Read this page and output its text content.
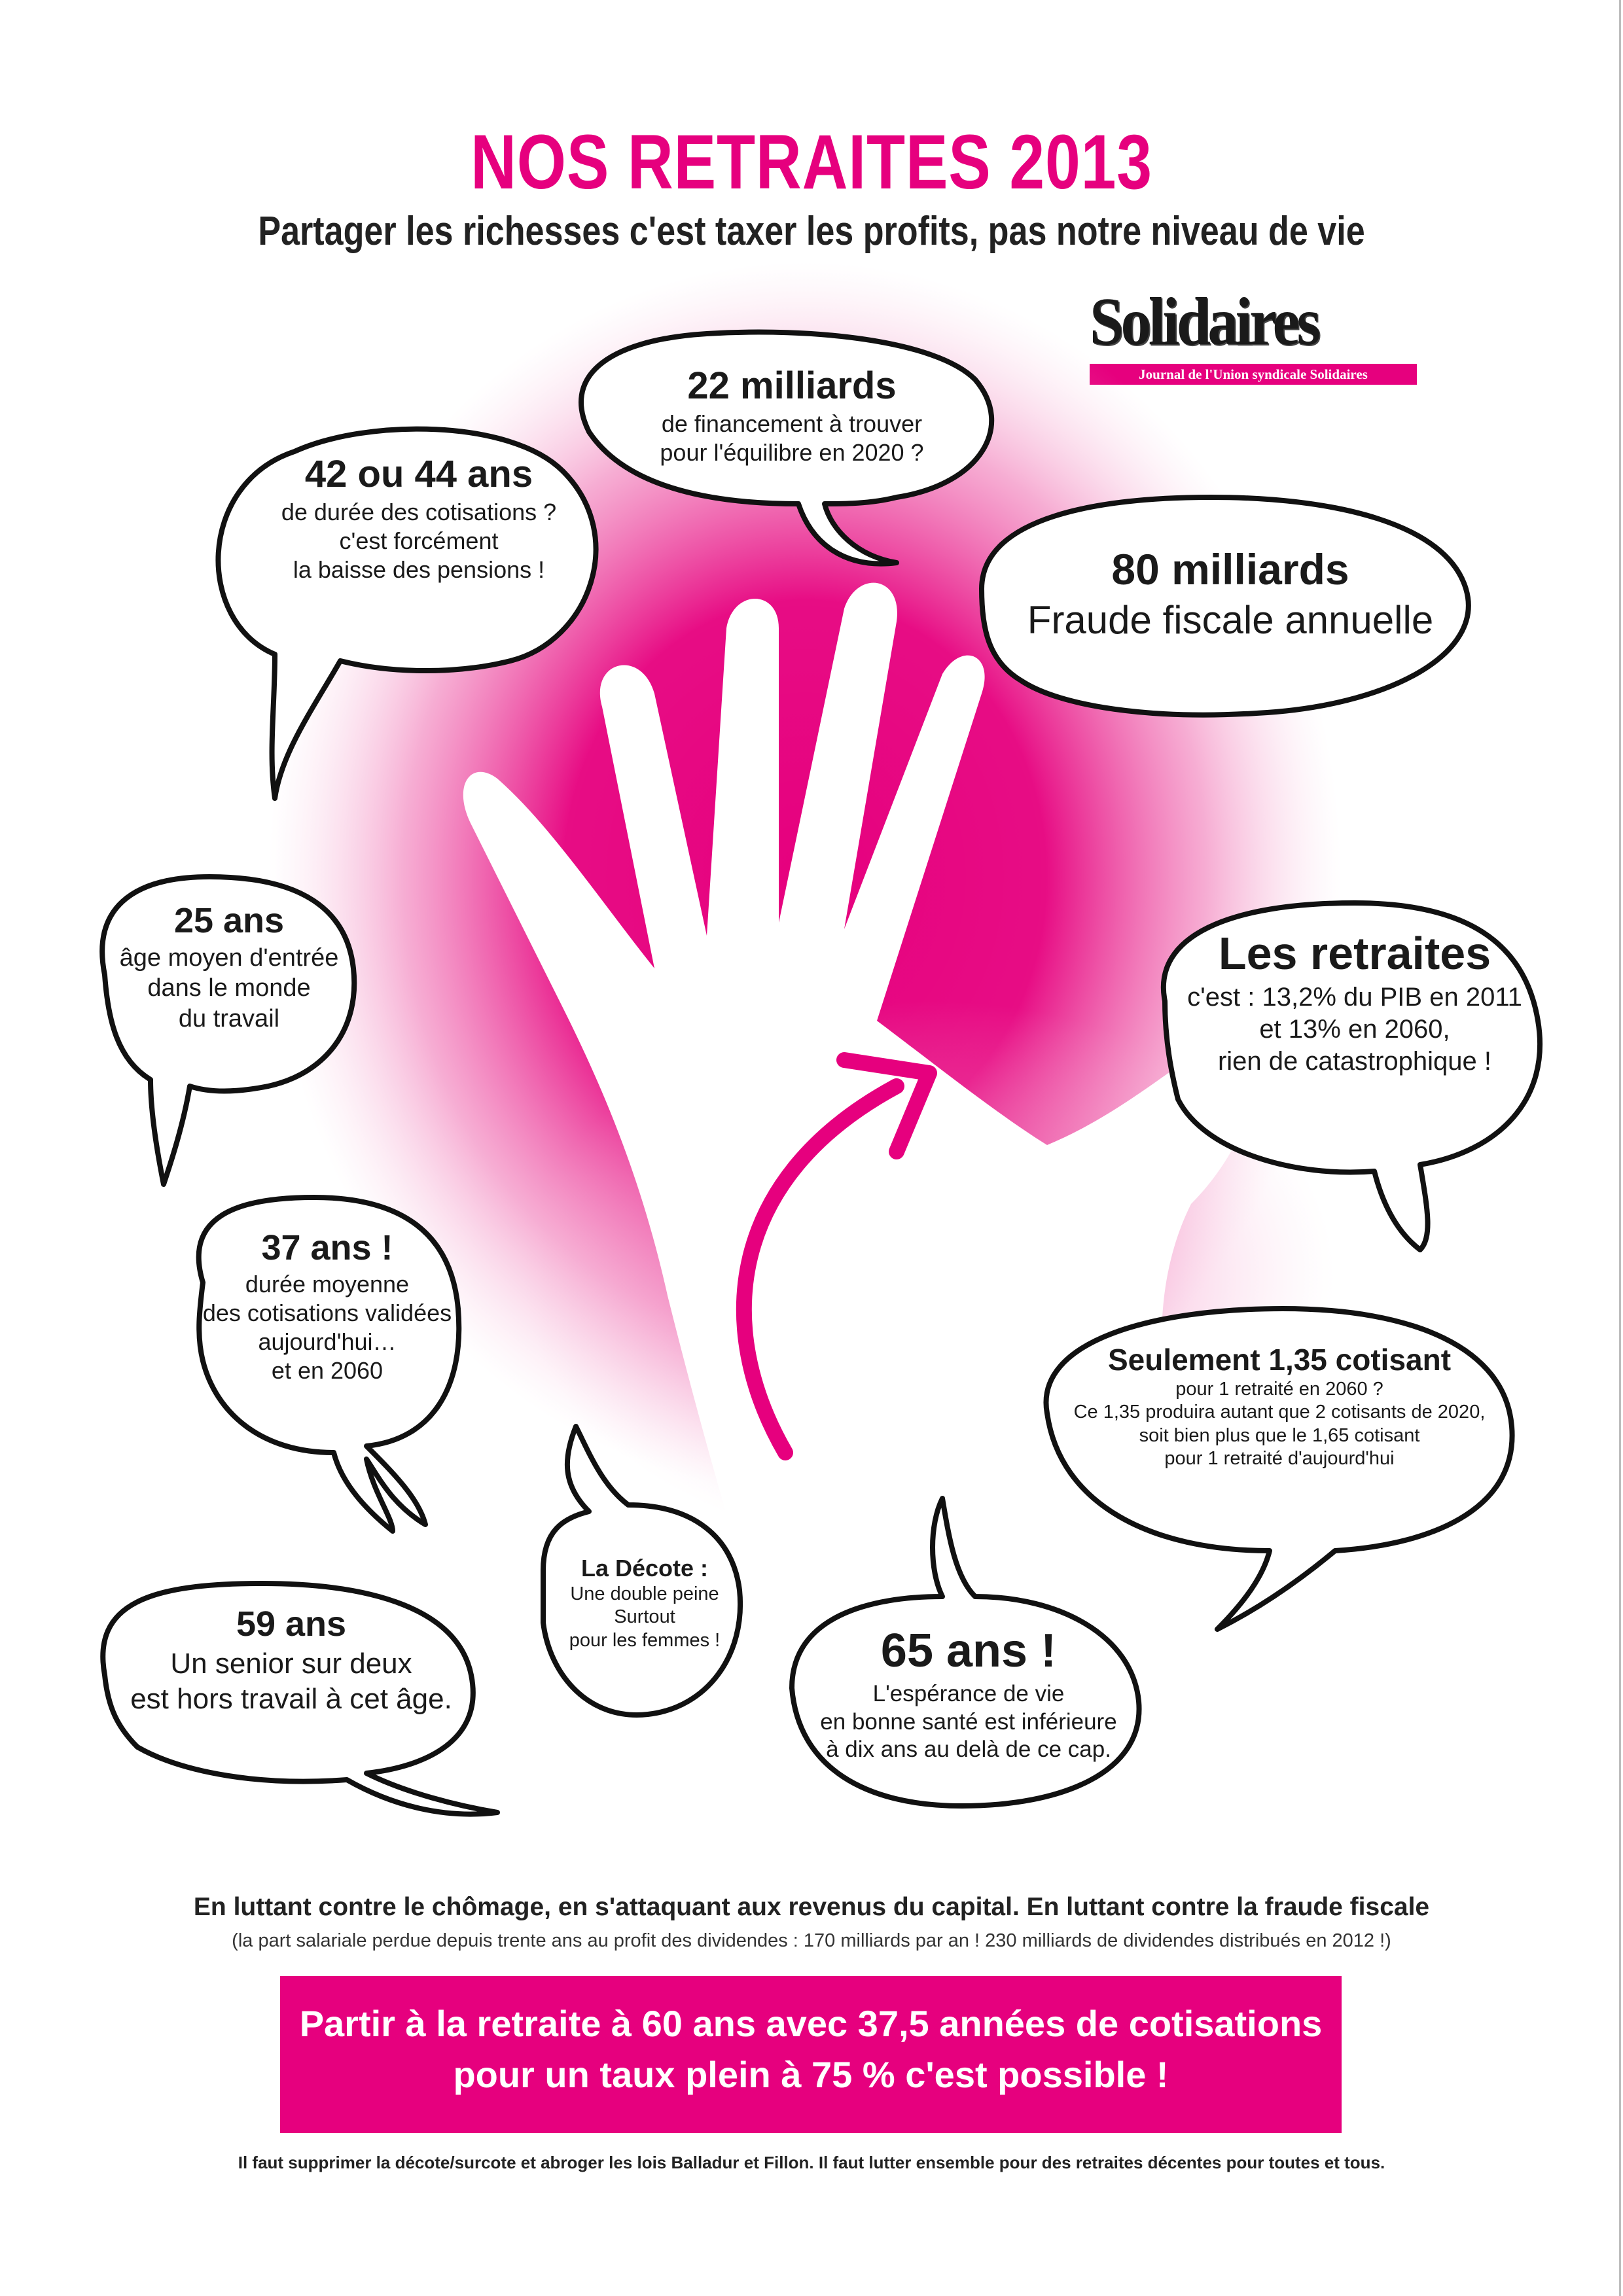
NOS RETRAITES 2013
Partager les richesses c'est taxer les profits, pas notre niveau de vie
Solidaires
Journal de l'Union syndicale Solidaires
42 ou 44 ans
de durée des cotisations ?
c'est forcément
la baisse des pensions !
22 milliards
de financement à trouver
pour l'équilibre en 2020 ?
80 milliards
Fraude fiscale annuelle
25 ans
âge moyen d'entrée
dans le monde
du travail
Les retraites
c'est : 13,2% du PIB en 2011
et 13% en 2060,
rien de catastrophique !
37 ans !
durée moyenne
des cotisations validées
aujourd'hui…
et en 2060	Seulement 1,35 cotisant
pour 1 retraité en 2060 ?
Ce 1,35 produira autant que 2 cotisants de 2020,
soit bien plus que le 1,65 cotisant
pour 1 retraité d'aujourd'hui
La Décote :
Une double peine
Surtout
pour les femmes !
59 ans
Un senior sur deux
est hors travail à cet âge.
65 ans !
L'espérance de vie
en bonne santé est inférieure
à dix ans au delà de ce cap.
En luttant contre le chômage, en s'attaquant aux revenus du capital. En luttant contre la fraude fiscale
(la part salariale perdue depuis trente ans au profit des dividendes : 170 milliards par an ! 230 milliards de dividendes distribués en 2012 !)
Partir à la retraite à 60 ans avec 37,5 années de cotisations
pour un taux plein à 75 % c'est possible !
Il faut supprimer la décote/surcote et abroger les lois Balladur et Fillon. Il faut lutter ensemble pour des retraites décentes pour toutes et tous.
